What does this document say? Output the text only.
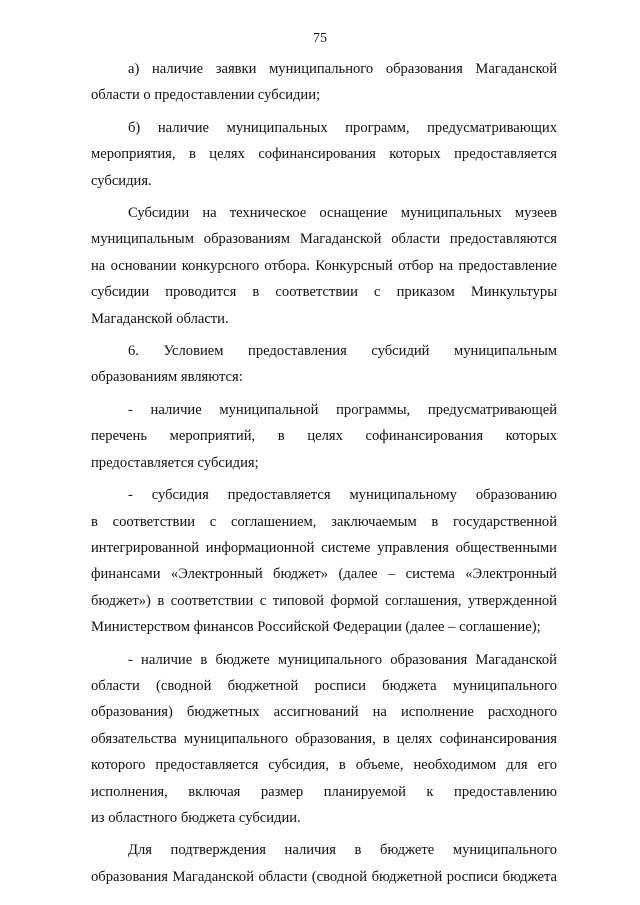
75
а) наличие заявки муниципального образования Магаданской
области о предоставлении субсидии;
б) наличие муниципальных программ, предусматривающих
мероприятия, в целях софинансирования которых предоставляется
субсидия.
Субсидии на техническое оснащение муниципальных музеев
муниципальным образованиям Магаданской области предоставляются
на основании конкурсного отбора. Конкурсный отбор на предоставление
субсидии проводится в соответствии с приказом Минкультуры
Магаданской области.
6. Условием предоставления субсидий муниципальным
образованиям являются:
- наличие муниципальной программы, предусматривающей
перечень мероприятий, в целях софинансирования которых
предоставляется субсидия;
- субсидия предоставляется муниципальному образованию
в соответствии с соглашением, заключаемым в государственной
интегрированной информационной системе управления общественными
финансами «Электронный бюджет» (далее – система «Электронный
бюджет») в соответствии с типовой формой соглашения, утвержденной
Министерством финансов Российской Федерации (далее – соглашение);
- наличие в бюджете муниципального образования Магаданской
области (сводной бюджетной росписи бюджета муниципального
образования) бюджетных ассигнований на исполнение расходного
обязательства муниципального образования, в целях софинансирования
которого предоставляется субсидия, в объеме, необходимом для его
исполнения, включая размер планируемой к предоставлению
из областного бюджета субсидии.
Для подтверждения наличия в бюджете муниципального
образования Магаданской области (сводной бюджетной росписи бюджета
